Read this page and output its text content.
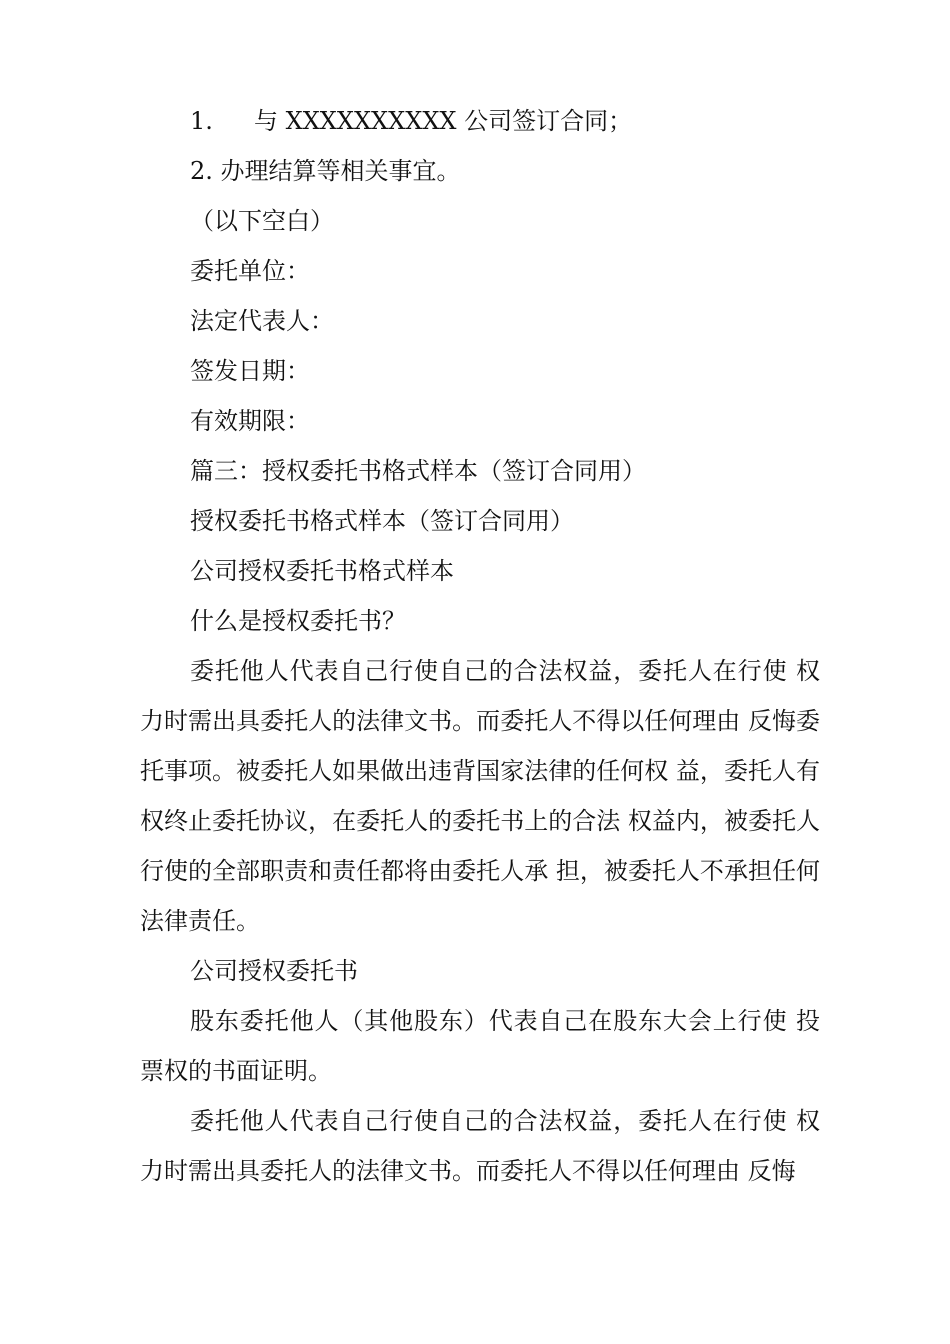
1. 与 XXXXXXXXXX 公司签订合同；
2. 办理结算等相关事宜。
（以下空白）
委托单位：
法定代表人：
签发日期：
有效期限：
篇三：授权委托书格式样本（签订合同用）
授权委托书格式样本（签订合同用）
公司授权委托书格式样本
什么是授权委托书？
委托他人代表自己行使自己的合法权益，委托人在行使 权力时需出具委托人的法律文书。而委托人不得以任何理由 反悔委托事项。被委托人如果做出违背国家法律的任何权 益，委托人有权终止委托协议，在委托人的委托书上的合法 权益内，被委托人行使的全部职责和责任都将由委托人承 担，被委托人不承担任何法律责任。
公司授权委托书
股东委托他人（其他股东）代表自己在股东大会上行使 投票权的书面证明。
委托他人代表自己行使自己的合法权益，委托人在行使 权力时需出具委托人的法律文书。而委托人不得以任何理由 反悔
